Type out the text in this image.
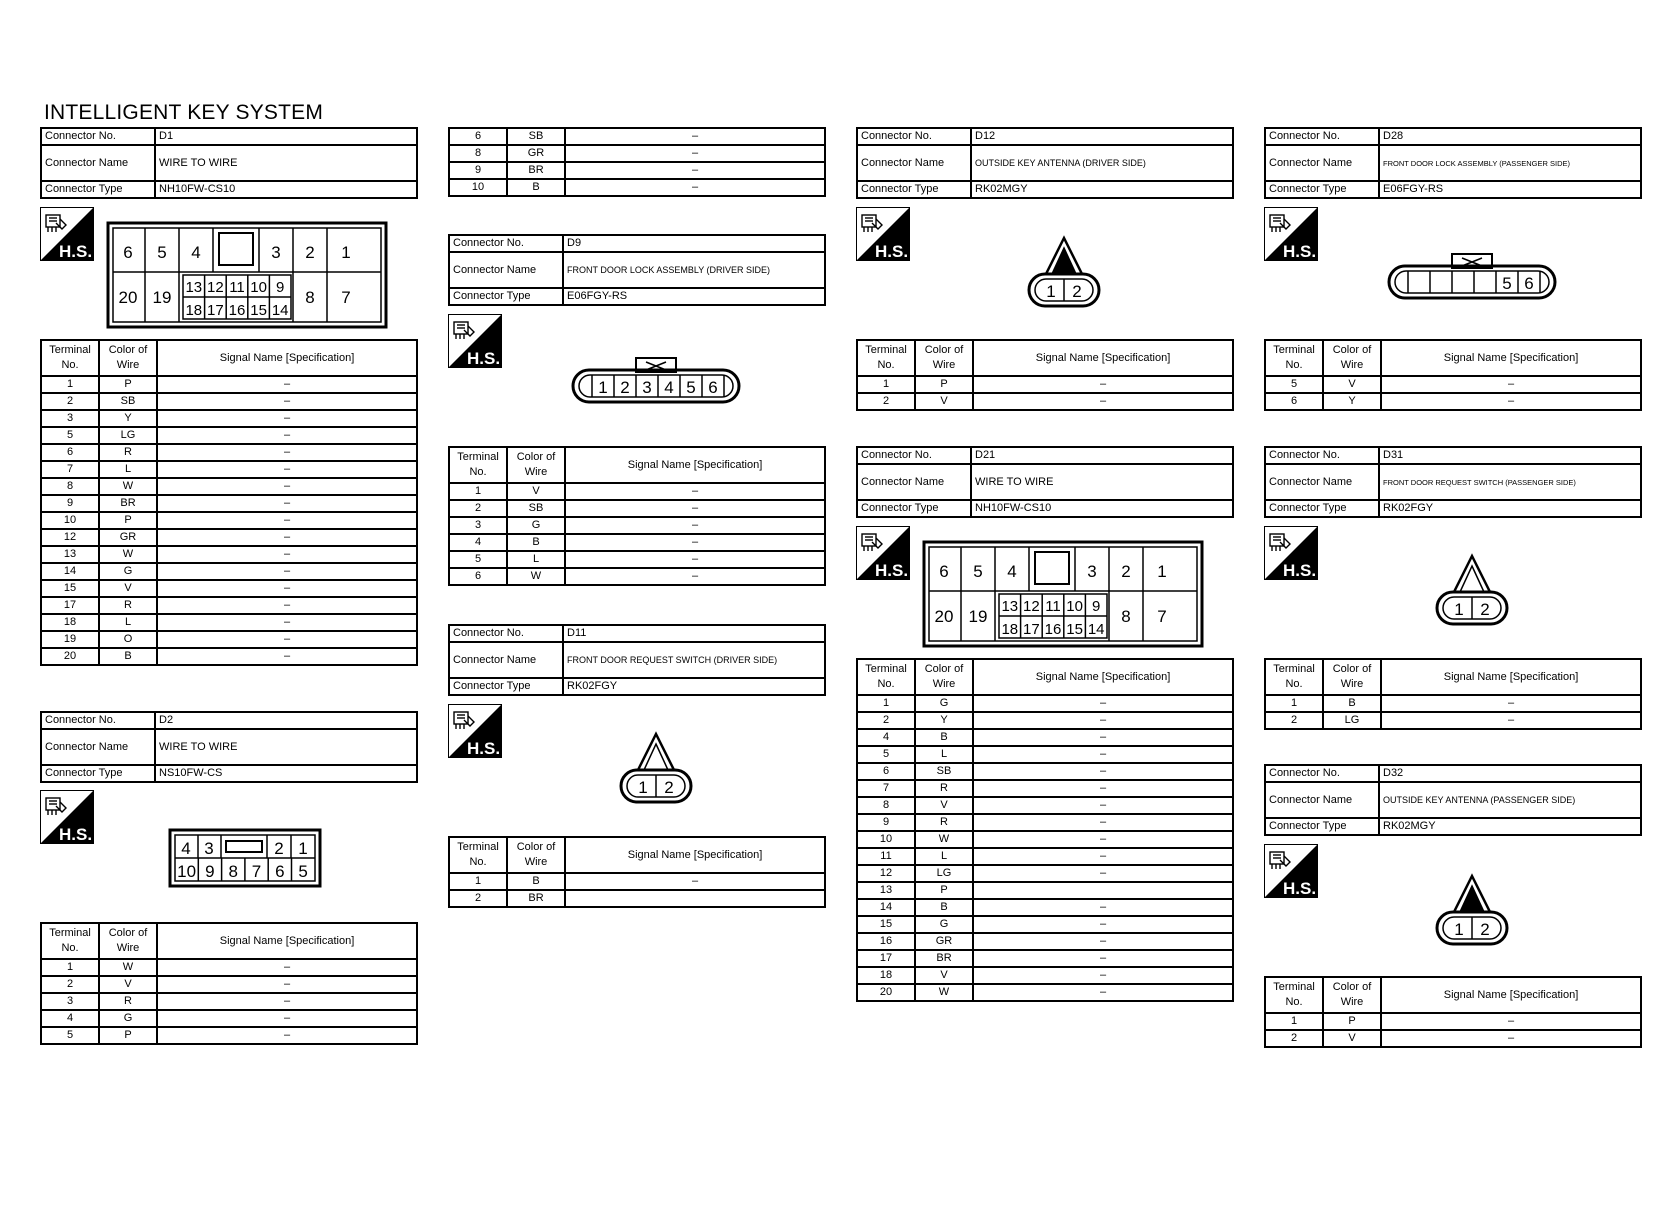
INTELLIGENT KEY SYSTEM
Connector No.	D1
Connector Name	WIRE TO WIRE
Connector Type	NH10FW-CS10
H.S. 6 5 4	3 2 1
20 19	8 7
13
18
12
17
11
16
10
15
9
14
Terminal No.	Color of Wire	Signal Name [Specification]
1	P	–
2	SB	–
3	Y	–
5	LG	–
6	R	–
7	L	–
8	W	–
9	BR	–
10	P	–
12	GR	–
13	W	–
14	G	–
15	V	–
17	R	–
18	L	–
19	O	–
20	B	–
Connector No.	D2
Connector Name	WIRE TO WIRE
Connector Type	NS10FW-CS
H.S.
4 3	2 1
10 9 8 7 6 5
Terminal No.	Color of Wire	Signal Name [Specification]
1	W	–
2	V	–
3	R	–
4	G	–
5	P	–
6	SB	–
8	GR	–
9	BR	–
10	B	–
Connector No.	D9
Connector Name	FRONT DOOR LOCK ASSEMBLY (DRIVER SIDE)
Connector Type	E06FGY-RS
H.S.
1 2 3 4 5 6
Terminal No.	Color of Wire	Signal Name [Specification]
1	V	–
2	SB	–
3	G	–
4	B	–
5	L	–
6	W	–
Connector No.	D11
Connector Name	FRONT DOOR REQUEST SWITCH (DRIVER SIDE)
Connector Type	RK02FGY
H.S.
1 2
Terminal No.	Color of Wire	Signal Name [Specification]
1	B	–
2	BR	
Connector No.	D12
Connector Name	OUTSIDE KEY ANTENNA (DRIVER SIDE)
Connector Type	RK02MGY
H.S.
1 2
Terminal No.	Color of Wire	Signal Name [Specification]
1	P	–
2	V	–
Connector No.	D21
Connector Name	WIRE TO WIRE
Connector Type	NH10FW-CS10
H.S. 6 5 4	3 2 1
20 19	8 7
13
18
12
17
11
16
10
15
9
14
Terminal No.	Color of Wire	Signal Name [Specification]
1	G	–
2	Y	–
4	B	–
5	L	–
6	SB	–
7	R	–
8	V	–
9	R	–
10	W	–
11	L	–
12	LG	–
13	P	
14	B	–
15	G	–
16	GR	–
17	BR	–
18	V	–
20	W	–
Connector No.	D28
Connector Name	FRONT DOOR LOCK ASSEMBLY (PASSENGER SIDE)
Connector Type	E06FGY-RS
H.S.
5 6
Terminal No.	Color of Wire	Signal Name [Specification]
5	V	–
6	Y	–
Connector No.	D31
Connector Name	FRONT DOOR REQUEST SWITCH (PASSENGER SIDE)
Connector Type	RK02FGY
H.S.
1 2
Terminal No.	Color of Wire	Signal Name [Specification]
1	B	–
2	LG	–
Connector No.	D32
Connector Name	OUTSIDE KEY ANTENNA (PASSENGER SIDE)
Connector Type	RK02MGY
H.S.
1 2
Terminal No.	Color of Wire	Signal Name [Specification]
1	P	–
2	V	–
